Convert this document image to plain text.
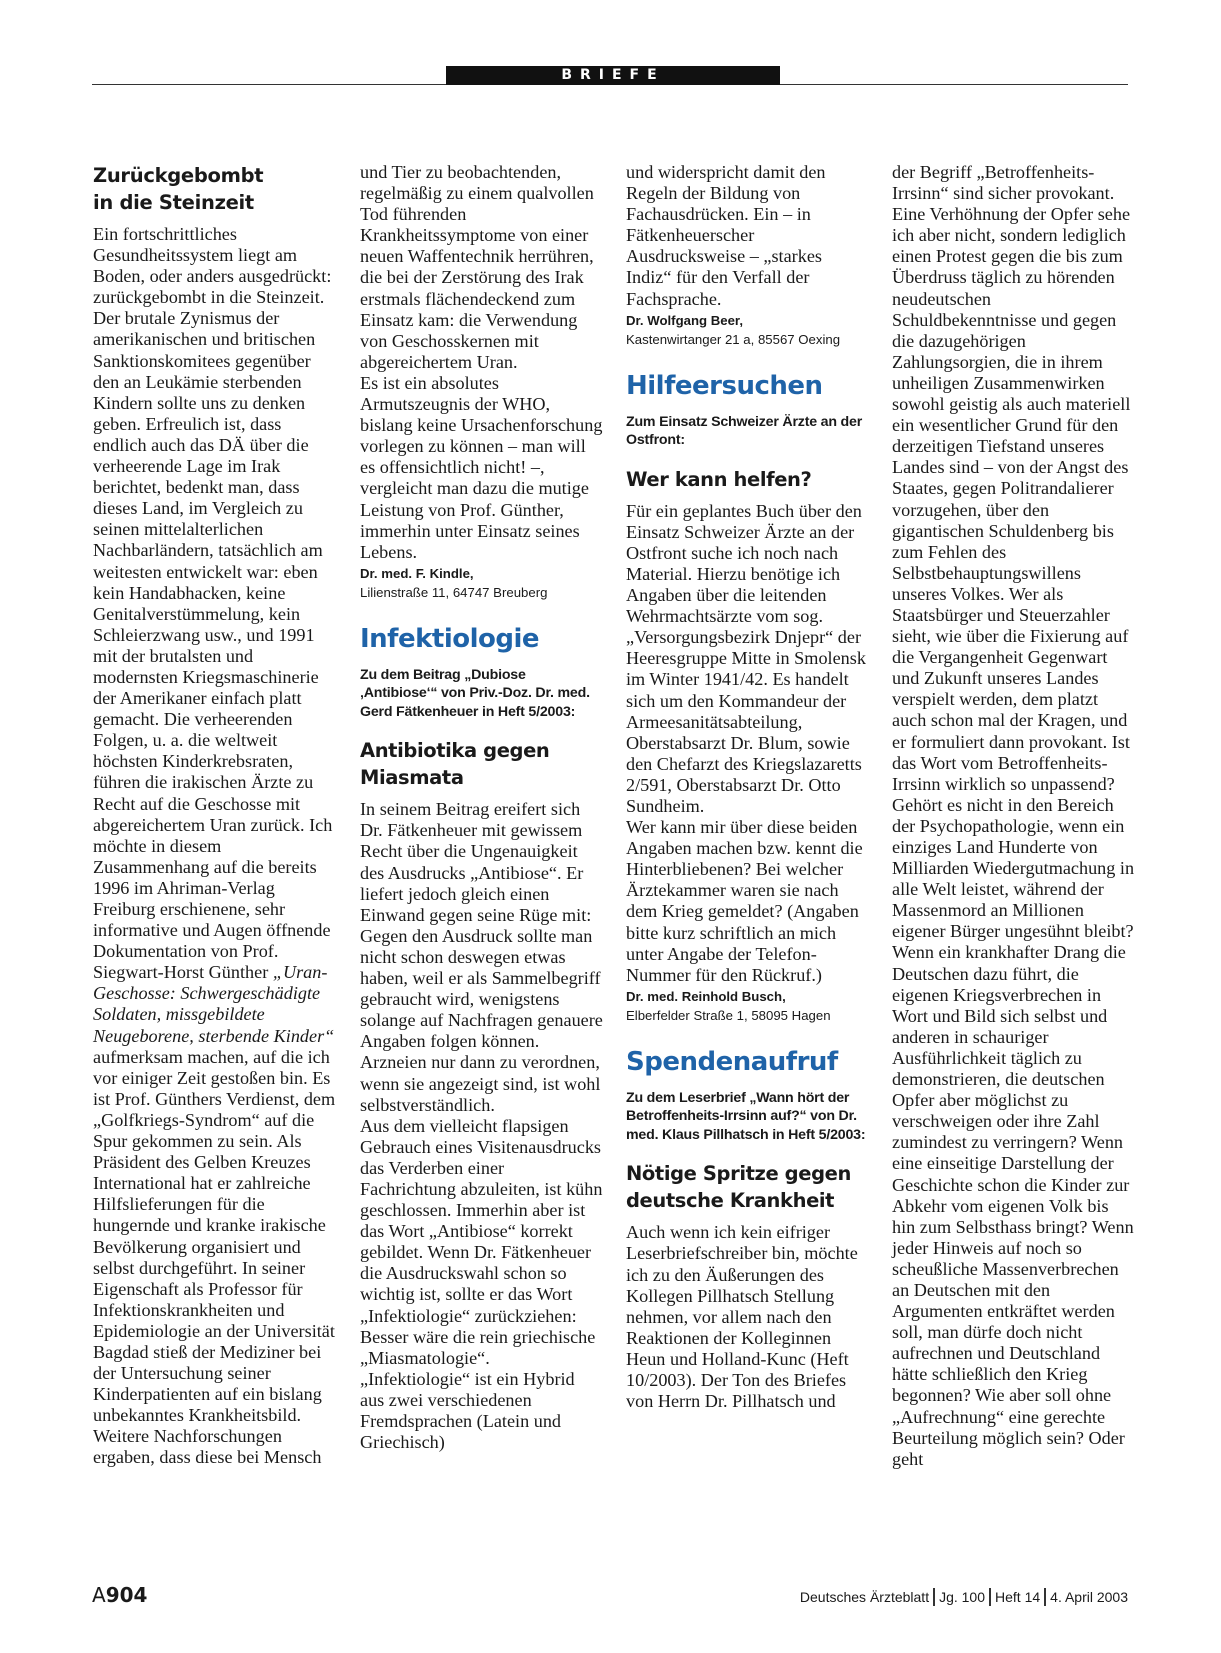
BRIEFE
Zurückgebombt
in die Steinzeit

Ein fortschrittliches Gesundheitssystem liegt am Boden, oder anders ausgedrückt: zurückgebombt in die Steinzeit. Der brutale Zynismus der amerikanischen und britischen Sanktionskomitees gegenüber den an Leukämie sterbenden Kindern sollte uns zu denken geben. Erfreulich ist, dass endlich auch das DÄ über die verheerende Lage im Irak berichtet, bedenkt man, dass dieses Land, im Vergleich zu seinen mittelalterlichen Nachbarländern, tatsächlich am weitesten entwickelt war: eben kein Handabhacken, keine Genitalverstümmelung, kein Schleierzwang usw., und 1991 mit der brutalsten und modernsten Kriegsmaschinerie der Amerikaner einfach platt gemacht. Die verheerenden Folgen, u. a. die weltweit höchsten Kinderkrebsraten, führen die irakischen Ärzte zu Recht auf die Geschosse mit abgereichertem Uran zurück. Ich möchte in diesem Zusammenhang auf die bereits 1996 im Ahriman-Verlag Freiburg erschienene, sehr informative und Augen öffnende Dokumentation von Prof. Siegwart-Horst Günther „Uran-Geschosse: Schwergeschädigte Soldaten, missgebildete Neugeborene, sterbende Kinder“ aufmerksam machen, auf die ich vor einiger Zeit gestoßen bin. Es ist Prof. Günthers Verdienst, dem „Golfkriegs-Syndrom“ auf die Spur gekommen zu sein. Als Präsident des Gelben Kreuzes International hat er zahlreiche Hilfslieferungen für die hungernde und kranke irakische Bevölkerung organisiert und selbst durchgeführt. In seiner Eigenschaft als Professor für Infektionskrankheiten und Epidemiologie an der Universität Bagdad stieß der Mediziner bei der Untersuchung seiner Kinderpatienten auf ein bislang unbekanntes Krankheitsbild. Weitere Nachforschungen ergaben, dass diese bei Mensch

und Tier zu beobachtenden, regelmäßig zu einem qualvollen Tod führenden Krankheitssymptome von einer neuen Waffentechnik herrühren, die bei der Zerstörung des Irak erstmals flächendeckend zum Einsatz kam: die Verwendung von Geschosskernen mit abgereichertem Uran.

Es ist ein absolutes Armutszeugnis der WHO, bislang keine Ursachenforschung vorlegen zu können – man will es offensichtlich nicht! –, vergleicht man dazu die mutige Leistung von Prof. Günther, immerhin unter Einsatz seines Lebens.

Dr. med. F. Kindle,

Lilienstraße 11, 64747 Breuberg

Infektiologie

Zu dem Beitrag „Dubiose ‚Antibiose‘“ von Priv.-Doz. Dr. med. Gerd Fätkenheuer in Heft 5/2003:

Antibiotika gegen Miasmata

In seinem Beitrag ereifert sich Dr. Fätkenheuer mit gewissem Recht über die Ungenauigkeit des Ausdrucks „Antibiose“. Er liefert jedoch gleich einen Einwand gegen seine Rüge mit: Gegen den Ausdruck sollte man nicht schon deswegen etwas haben, weil er als Sammelbegriff gebraucht wird, wenigstens solange auf Nachfragen genauere Angaben folgen können. Arzneien nur dann zu verordnen, wenn sie angezeigt sind, ist wohl selbstverständlich.

Aus dem vielleicht flapsigen Gebrauch eines Visitenausdrucks das Verderben einer Fachrichtung abzuleiten, ist kühn geschlossen. Immerhin aber ist das Wort „Antibiose“ korrekt gebildet. Wenn Dr. Fätkenheuer die Ausdruckswahl schon so wichtig ist, sollte er das Wort „Infektiologie“ zurückziehen: Besser wäre die rein griechische „Miasmatologie“. „Infektiologie“ ist ein Hybrid aus zwei verschiedenen Fremdsprachen (Latein und Griechisch)

und widerspricht damit den Regeln der Bildung von Fachausdrücken. Ein – in Fätkenheuerscher Ausdrucksweise – „starkes Indiz“ für den Verfall der Fachsprache.

Dr. Wolfgang Beer,

Kastenwirtanger 21 a, 85567 Oexing

Hilfeersuchen

Zum Einsatz Schweizer Ärzte an der Ostfront:

Wer kann helfen?

Für ein geplantes Buch über den Einsatz Schweizer Ärzte an der Ostfront suche ich noch nach Material. Hierzu benötige ich Angaben über die leitenden Wehrmachtsärzte vom sog. „Versorgungsbezirk Dnjepr“ der Heeresgruppe Mitte in Smolensk im Winter 1941/42. Es handelt sich um den Kommandeur der Armeesanitätsabteilung, Oberstabsarzt Dr. Blum, sowie den Chefarzt des Kriegslazaretts 2/591, Oberstabsarzt Dr. Otto Sundheim.

Wer kann mir über diese beiden Angaben machen bzw. kennt die Hinterbliebenen? Bei welcher Ärztekammer waren sie nach dem Krieg gemeldet? (Angaben bitte kurz schriftlich an mich unter Angabe der Telefon-Nummer für den Rückruf.)

Dr. med. Reinhold Busch,

Elberfelder Straße 1, 58095 Hagen

Spendenaufruf

Zu dem Leserbrief „Wann hört der Betroffenheits-Irrsinn auf?“ von Dr. med. Klaus Pillhatsch in Heft 5/2003:

Nötige Spritze gegen deutsche Krankheit

Auch wenn ich kein eifriger Leserbriefschreiber bin, möchte ich zu den Äußerungen des Kollegen Pillhatsch Stellung nehmen, vor allem nach den Reaktionen der Kolleginnen Heun und Holland-Kunc (Heft 10/2003). Der Ton des Briefes von Herrn Dr. Pillhatsch und

der Begriff „Betroffenheits-Irrsinn“ sind sicher provokant. Eine Verhöhnung der Opfer sehe ich aber nicht, sondern lediglich einen Protest gegen die bis zum Überdruss täglich zu hörenden neudeutschen Schuldbekenntnisse und gegen die dazugehörigen Zahlungsorgien, die in ihrem unheiligen Zusammenwirken sowohl geistig als auch materiell ein wesentlicher Grund für den derzeitigen Tiefstand unseres Landes sind – von der Angst des Staates, gegen Politrandalierer vorzugehen, über den gigantischen Schuldenberg bis zum Fehlen des Selbstbehauptungswillens unseres Volkes. Wer als Staatsbürger und Steuerzahler sieht, wie über die Fixierung auf die Vergangenheit Gegenwart und Zukunft unseres Landes verspielt werden, dem platzt auch schon mal der Kragen, und er formuliert dann provokant. Ist das Wort vom Betroffenheits-Irrsinn wirklich so unpassend? Gehört es nicht in den Bereich der Psychopathologie, wenn ein einziges Land Hunderte von Milliarden Wiedergutmachung in alle Welt leistet, während der Massenmord an Millionen eigener Bürger ungesühnt bleibt? Wenn ein krankhafter Drang die Deutschen dazu führt, die eigenen Kriegsverbrechen in Wort und Bild sich selbst und anderen in schauriger Ausführlichkeit täglich zu demonstrieren, die deutschen Opfer aber möglichst zu verschweigen oder ihre Zahl zumindest zu verringern? Wenn eine einseitige Darstellung der Geschichte schon die Kinder zur Abkehr vom eigenen Volk bis hin zum Selbsthass bringt? Wenn jeder Hinweis auf noch so scheußliche Massenverbrechen an Deutschen mit den Argumenten entkräftet werden soll, man dürfe doch nicht aufrechnen und Deutschland hätte schließlich den Krieg begonnen? Wie aber soll ohne „Aufrechnung“ eine gerechte Beurteilung möglich sein? Oder geht

A904	Deutsches Ärzteblatt Jg. 100 Heft 14 4. April 2003
